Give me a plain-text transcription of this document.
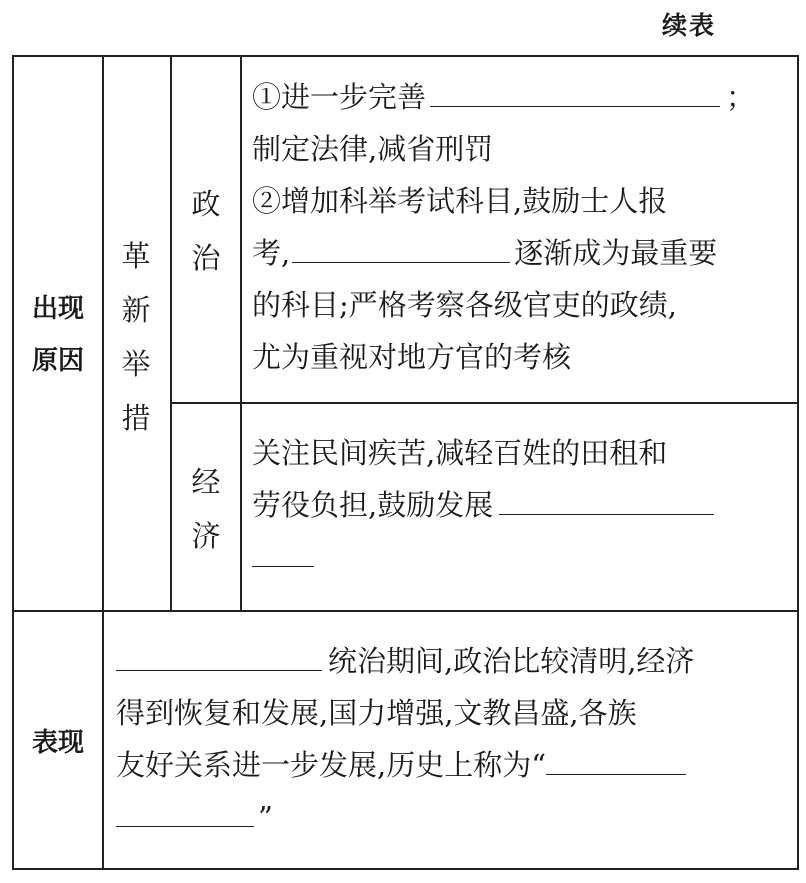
续表
出现
原因
革
新
举
措
政
治
①进一步完善	；
制定法律,减省刑罚
②增加科举考试科目,鼓励士人报
考,	逐渐成为最重要
的科目;严格考察各级官吏的政绩,
尤为重视对地方官的考核
经
济
关注民间疾苦,减轻百姓的田租和
劳役负担,鼓励发展
表现
统治期间,政治比较清明,经济
得到恢复和发展,国力增强,文教昌盛,各族
友好关系进一步发展,历史上称为“
”
